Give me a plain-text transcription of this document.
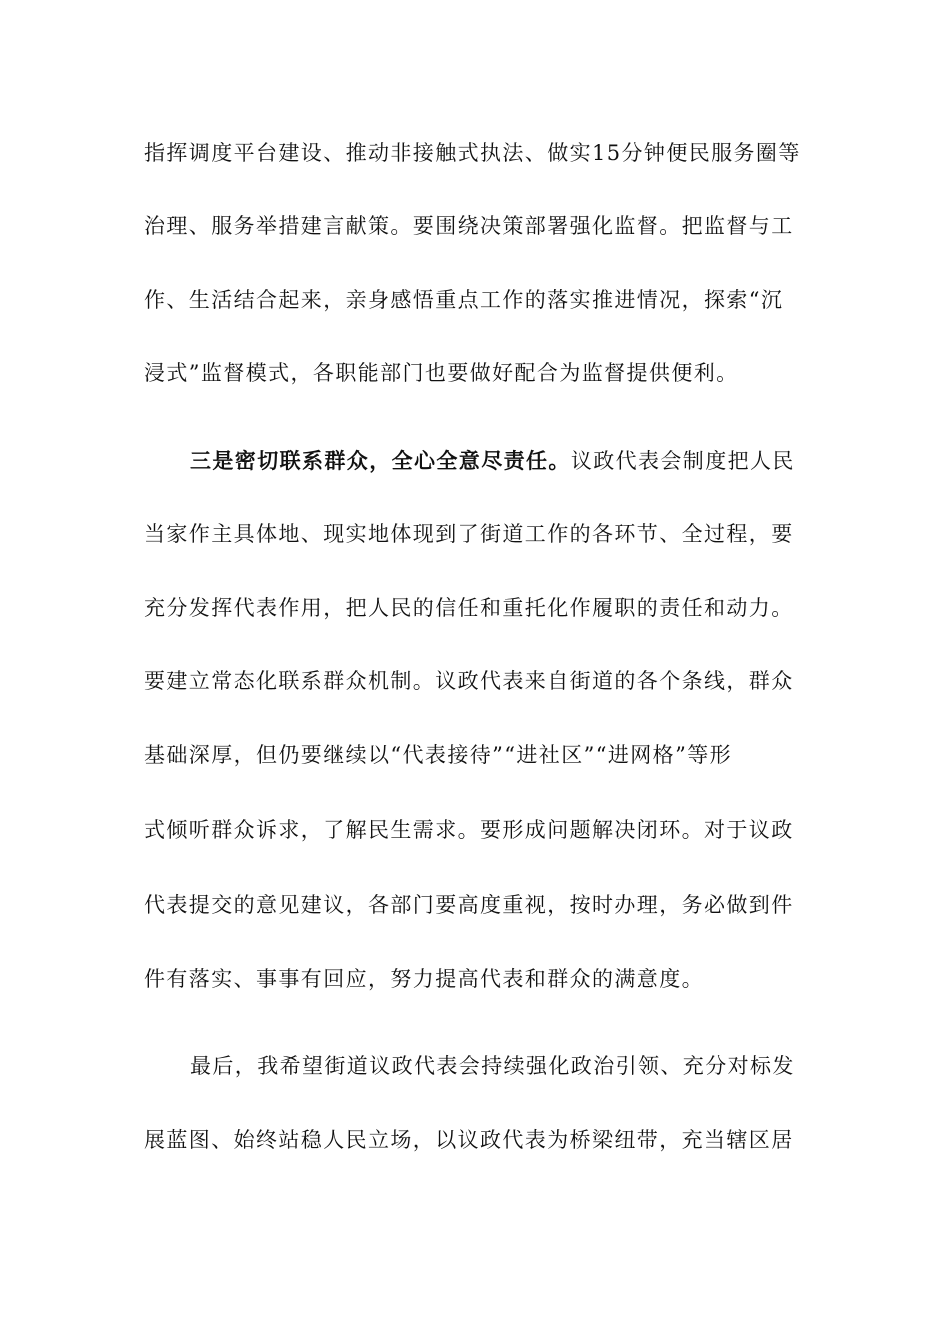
指挥调度平台建设、推动非接触式执法、做实15分钟便民服务圈等
治理、服务举措建言献策。要围绕决策部署强化监督。把监督与工
作、生活结合起来，亲身感悟重点工作的落实推进情况，探索“沉
浸式”监督模式，各职能部门也要做好配合为监督提供便利。
三是密切联系群众，全心全意尽责任。议政代表会制度把人民
当家作主具体地、现实地体现到了街道工作的各环节、全过程，要
充分发挥代表作用，把人民的信任和重托化作履职的责任和动力。
要建立常态化联系群众机制。议政代表来自街道的各个条线，群众
基础深厚，但仍要继续以“代表接待”“进社区”“进网格”等形
式倾听群众诉求，了解民生需求。要形成问题解决闭环。对于议政
代表提交的意见建议，各部门要高度重视，按时办理，务必做到件
件有落实、事事有回应，努力提高代表和群众的满意度。
最后，我希望街道议政代表会持续强化政治引领、充分对标发
展蓝图、始终站稳人民立场，以议政代表为桥梁纽带，充当辖区居
